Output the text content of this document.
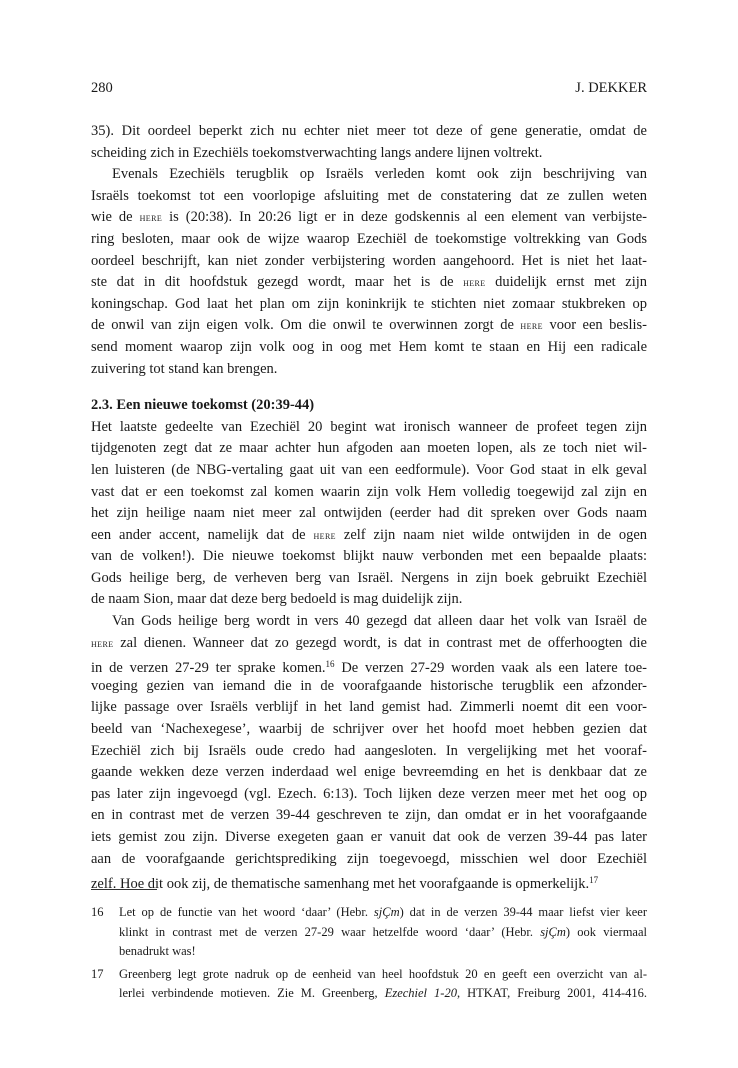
280	J. DEKKER
35). Dit oordeel beperkt zich nu echter niet meer tot deze of gene generatie, omdat de
scheiding zich in Ezechiëls toekomstverwachting langs andere lijnen voltrekt.
Evenals Ezechiëls terugblik op Israëls verleden komt ook zijn beschrijving van
Israëls toekomst tot een voorlopige afsluiting met de constatering dat ze zullen weten
wie de here is (20:38). In 20:26 ligt er in deze godskennis al een element van verbijste-
ring besloten, maar ook de wijze waarop Ezechiël de toekomstige voltrekking van Gods
oordeel beschrijft, kan niet zonder verbijstering worden aangehoord. Het is niet het laat-
ste dat in dit hoofdstuk gezegd wordt, maar het is de here duidelijk ernst met zijn
koningschap. God laat het plan om zijn koninkrijk te stichten niet zomaar stukbreken op
de onwil van zijn eigen volk. Om die onwil te overwinnen zorgt de here voor een beslis-
send moment waarop zijn volk oog in oog met Hem komt te staan en Hij een radicale
zuivering tot stand kan brengen.
2.3. Een nieuwe toekomst (20:39-44)
Het laatste gedeelte van Ezechiël 20 begint wat ironisch wanneer de profeet tegen zijn
tijdgenoten zegt dat ze maar achter hun afgoden aan moeten lopen, als ze toch niet wil-
len luisteren (de NBG-vertaling gaat uit van een eedformule). Voor God staat in elk geval
vast dat er een toekomst zal komen waarin zijn volk Hem volledig toegewijd zal zijn en
het zijn heilige naam niet meer zal ontwijden (eerder had dit spreken over Gods naam
een ander accent, namelijk dat de here zelf zijn naam niet wilde ontwijden in de ogen
van de volken!). Die nieuwe toekomst blijkt nauw verbonden met een bepaalde plaats:
Gods heilige berg, de verheven berg van Israël. Nergens in zijn boek gebruikt Ezechiël
de naam Sion, maar dat deze berg bedoeld is mag duidelijk zijn.
Van Gods heilige berg wordt in vers 40 gezegd dat alleen daar het volk van Israël de
here zal dienen. Wanneer dat zo gezegd wordt, is dat in contrast met de offerhoogten die
in de verzen 27-29 ter sprake komen.$^{16}$ De verzen 27-29 worden vaak als een latere toe-
voeging gezien van iemand die in de voorafgaande historische terugblik een afzonder-
lijke passage over Israëls verblijf in het land gemist had. Zimmerli noemt dit een voor-
beeld van ‘Nachexegese’, waarbij de schrijver over het hoofd moet hebben gezien dat
Ezechiël zich bij Israëls oude credo had aangesloten. In vergelijking met het vooraf-
gaande wekken deze verzen inderdaad wel enige bevreemding en het is denkbaar dat ze
pas later zijn ingevoegd (vgl. Ezech. 6:13). Toch lijken deze verzen meer met het oog op
en in contrast met de verzen 39-44 geschreven te zijn, dan omdat er in het voorafgaande
iets gemist zou zijn. Diverse exegeten gaan er vanuit dat ook de verzen 39-44 pas later
aan de voorafgaande gerichtsprediking zijn toegevoegd, misschien wel door Ezechiël
zelf. Hoe dit ook zij, de thematische samenhang met het voorafgaande is opmerkelijk.$^{17}$
16 Let op de functie van het woord ‘daar’ (Hebr. sjÇm) dat in de verzen 39-44 maar liefst vier keer
klinkt in contrast met de verzen 27-29 waar hetzelfde woord ‘daar’ (Hebr. sjÇm) ook viermaal
benadrukt was!
17 Greenberg legt grote nadruk op de eenheid van heel hoofdstuk 20 en geeft een overzicht van al-
lerlei verbindende motieven. Zie M. Greenberg, Ezechiel 1-20, HTKAT, Freiburg 2001, 414-416.
